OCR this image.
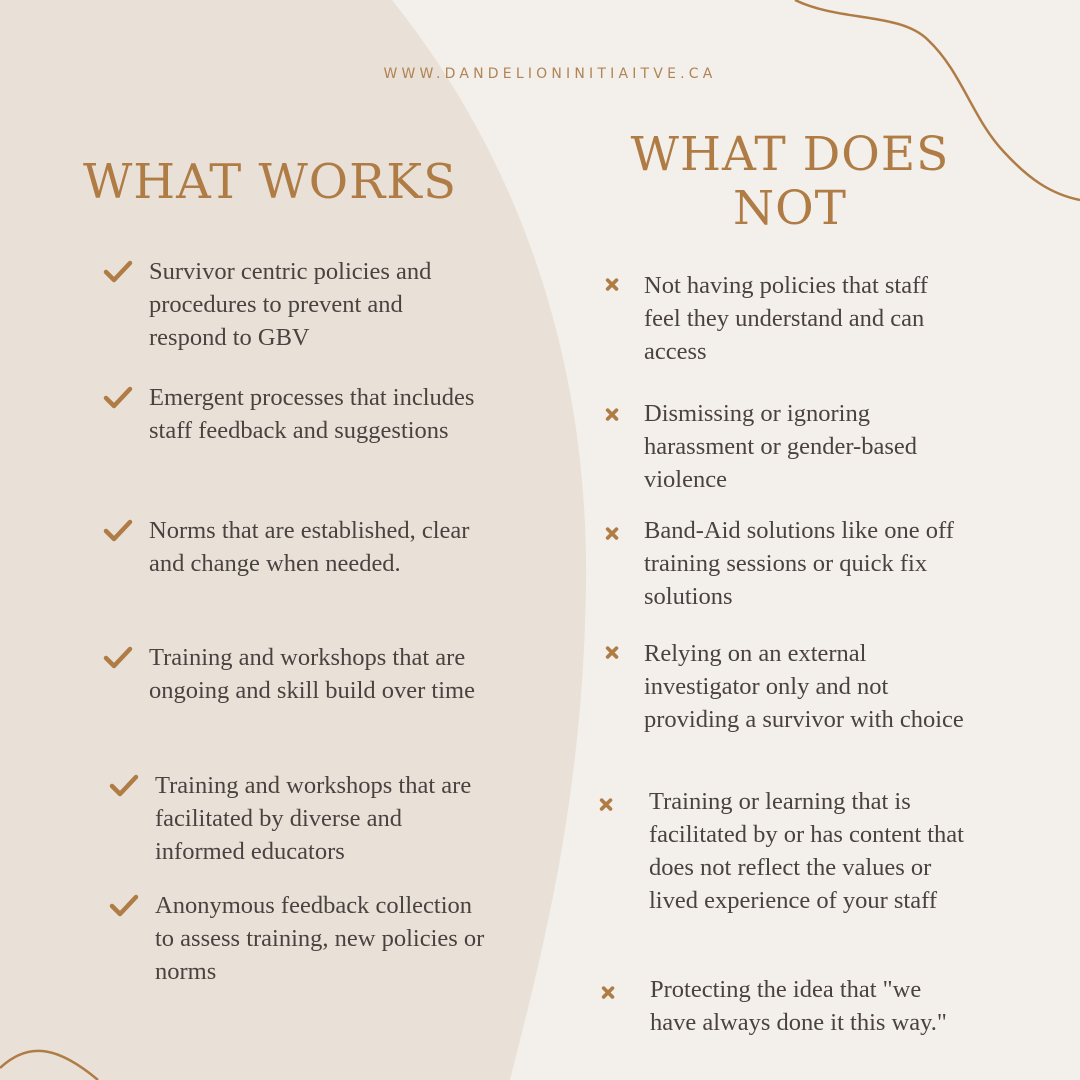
WWW.DANDELIONINITIAITVE.CA
WHAT WORKS	WHAT DOES NOT
Survivor centric policies and procedures to prevent and respond to GBV
Emergent processes that includes staff feedback and suggestions
Norms that are established, clear and change when needed.
Training and workshops that are ongoing and skill build over time
Training and workshops that are facilitated by diverse and informed educators
Anonymous feedback collection to assess training, new policies or norms
Not having policies that staff feel they understand and can access
Dismissing or ignoring harassment or gender-based violence
Band-Aid solutions like one off training sessions or quick fix solutions
Relying on an external investigator only and not providing a survivor with choice
Training or learning that is facilitated by or has content that does not reflect the values or lived experience of your staff
Protecting the idea that "we have always done it this way."
